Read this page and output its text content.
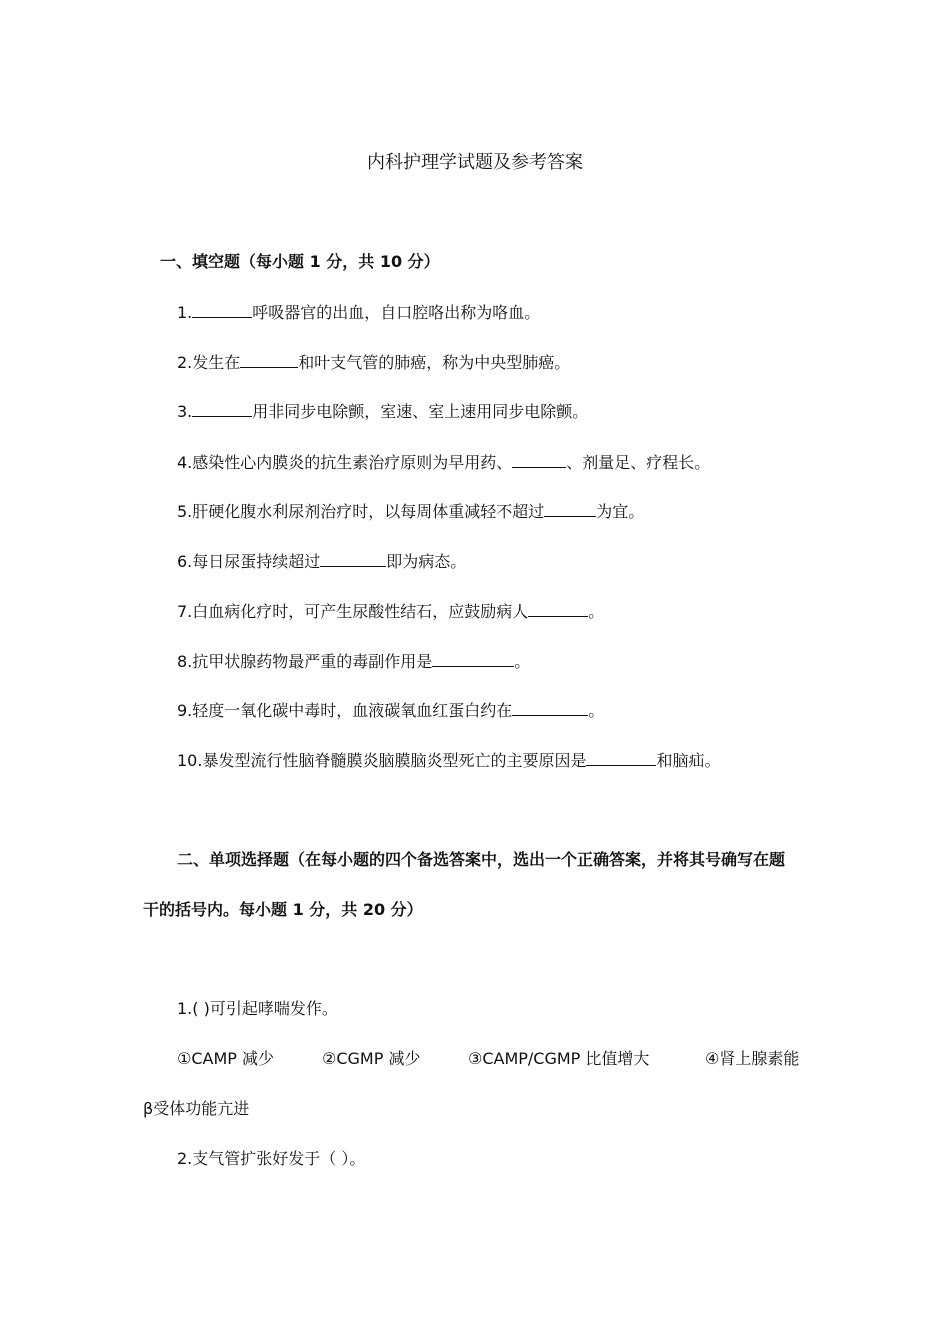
内科护理学试题及参考答案
一、填空题（每小题 1 分，共 10 分）
1.	呼吸器官的出血，自口腔咯出称为咯血。
2.发生在	和叶支气管的肺癌，称为中央型肺癌。
3.	用非同步电除颤，室速、室上速用同步电除颤。
4.感染性心内膜炎的抗生素治疗原则为早用药、	、剂量足、疗程长。
5.肝硬化腹水利尿剂治疗时，以每周体重减轻不超过	为宜。
6.每日尿蛋持续超过	即为病态。
7.白血病化疗时，可产生尿酸性结石，应鼓励病人	。
8.抗甲状腺药物最严重的毒副作用是	。
9.轻度一氧化碳中毒时，血液碳氧血红蛋白约在	。
10.暴发型流行性脑脊髓膜炎脑膜脑炎型死亡的主要原因是	和脑疝。
二、单项选择题（在每小题的四个备选答案中，选出一个正确答案，并将其号确写在题
干的括号内。每小题 1 分，共 20 分）
1.( )可引起哮喘发作。
①CAMP 减少	②CGMP 减少	③CAMP/CGMP 比值增大	④肾上腺素能
β受体功能亢进
2.支气管扩张好发于（ ）。
